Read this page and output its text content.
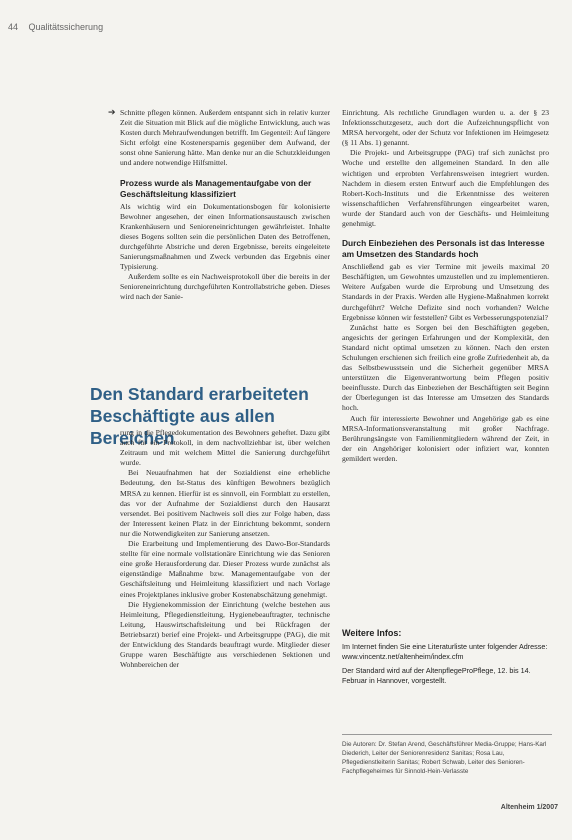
44 Qualitätssicherung
➔ Schnitte pflegen können. Außerdem entspannt sich in relativ kurzer Zeit die Situation mit Blick auf die mögliche Entwicklung, auch was Kosten durch Mehraufwendungen betrifft. Im Gegenteil: Auf längere Sicht erfolgt eine Kostenersparnis gegenüber dem Aufwand, der sonst ohne Sanierung hätte. Man denke nur an die Schutzkleidungen und andere notwendige Hilfsmittel.

Prozess wurde als Managementaufgabe von der Geschäftsleitung klassifiziert

Als wichtig wird ein Dokumentationsbogen für kolonisierte Bewohner angesehen, der einen Informationsaustausch zwischen Krankenhäusern und Senioreneinrichtungen gewährleistet. Inhalte dieses Bogens sollten sein die persönlichen Daten des Betroffenen, durchgeführte Abstriche und deren Ergebnisse, bereits eingeleitete Sanierungsmaßnahmen und Zweck verbunden das Ergebnis einer Typisierung.

Außerdem sollte es ein Nachweisprotokoll über die bereits in der Senioreneinrichtung durchgeführten Kontrollabstriche geben. Dieses wird nach der Sanie-

Den Standard erarbeiteten Beschäftigte aus allen Bereichen

rung in die Pflegedokumentation des Bewohners geheftet. Dazu gibt auch für ein Protokoll, in dem nachvollziehbar ist, über welchen Zeitraum und mit welchem Mittel die Sanierung durchgeführt wurde.

Bei Neuaufnahmen hat der Sozialdienst eine erhebliche Bedeutung, den Ist-Status des künftigen Bewohners bezüglich MRSA zu kennen. Hierfür ist es sinnvoll, ein Formblatt zu erstellen, das vor der Aufnahme der Sozialdienst durch den Hausarzt versendet. Bei positivem Nachweis soll dies zur Folge haben, dass der Interessent keinen Platz in der Einrichtung bekommt, sondern nur die Notwendigkeiten zur Sanierung ansetzen.

Die Erarbeitung und Implementierung des Dawo-Bor-Standards stellte für eine normale vollstationäre Einrichtung wie das Senioren eine große Herausforderung dar. Dieser Prozess wurde zunächst als eigenständige Maßnahme bzw. Managementaufgabe von der Geschäftsleitung und Heimleitung klassifiziert und nach Vorlage eines Projektplanes inklusive grober Kostenabschätzung genehmigt.

Die Hygienekommission der Einrichtung (welche bestehen aus Heimleitung, Pflegedienstleitung, Hygienebeauftragter, technische Leitung, Hauswirtschaftsleitung und bei Rückfragen der Betriebsarzt) berief eine Projekt- und Arbeitsgruppe (PAG), die mit der Entwicklung des Standards beauftragt wurde. Mitglieder dieser Gruppe waren Beschäftigte aus verschiedenen Sektionen und Wohnbereichen der

Einrichtung. Als rechtliche Grundlagen wurden u. a. der § 23 Infektionsschutzgesetz, auch dort die Aufzeichnungspflicht von MRSA hervorgeht, oder der Schutz vor Infektionen im Heimgesetz (§ 11 Abs. 1) genannt.

Die Projekt- und Arbeitsgruppe (PAG) traf sich zunächst pro Woche und erstellte den allgemeinen Standard. In den alle wichtigen und erprobten Verfahrensweisen integriert wurden. Nachdem in diesem ersten Entwurf auch die Empfehlungen des Robert-Koch-Instituts und die Erkenntnisse des weiteren wissenschaftlichen Verfahrensführungen eingearbeitet waren, wurde der Standard auch von der Geschäfts- und Heimleitung genehmigt.

Durch Einbeziehen des Personals ist das Interesse am Umsetzen des Standards hoch

Anschließend gab es vier Termine mit jeweils maximal 20 Beschäftigten, um Gewohntes umzustellen und zu implementieren. Weitere Aufgaben wurde die Erprobung und Umsetzung des Standards in der Praxis. Werden alle Hygiene-Maßnahmen korrekt durchgeführt? Welche Defizite sind noch vorhanden? Welche Ergebnisse können wir feststellen? Gibt es Verbesserungspotenzial?

Zunächst hatte es Sorgen bei den Beschäftigten gegeben, angesichts der geringen Erfahrungen und der Komplexität, den Standard nicht optimal umsetzen zu können. Nach den ersten Schulungen erschienen sich freilich eine große Zufriedenheit ab, da das Selbstbewusstsein und die Sicherheit gegenüber MRSA unterstützen die Eigenverantwortung beim Pflegen positiv beeinflusste. Durch das Einbeziehen der Beschäftigten seit Beginn der Überlegungen ist das Interesse am Umsetzen des Standards hoch.

Auch für interessierte Bewohner und Angehörige gab es eine MRSA-Informationsveranstaltung mit großer Nachfrage. Berührungsängste von Familienmitgliedern während der Zeit, in der ein Angehöriger kolonisiert oder infiziert war, konnten gemildert werden.

Weitere Infos:

Im Internet finden Sie eine Literaturliste unter folgender Adresse:

www.vincentz.net/altenheim/index.cfm

Der Standard wird auf der AltenpflegeProPflege, 12. bis 14. Februar in Hannover, vorgestellt.

Die Autoren: Dr. Stefan Arend, Geschäftsführer Media-Gruppe; Hans-Karl Diederich, Leiter der Seniorenresidenz Sanitas; Rosa Lau, Pflegedienstleiterin Sanitas; Robert Schwab, Leiter des Senioren-Fachpflegeheimes für Sinnold-Hein-Verlasste
Altenheim 1/2007
